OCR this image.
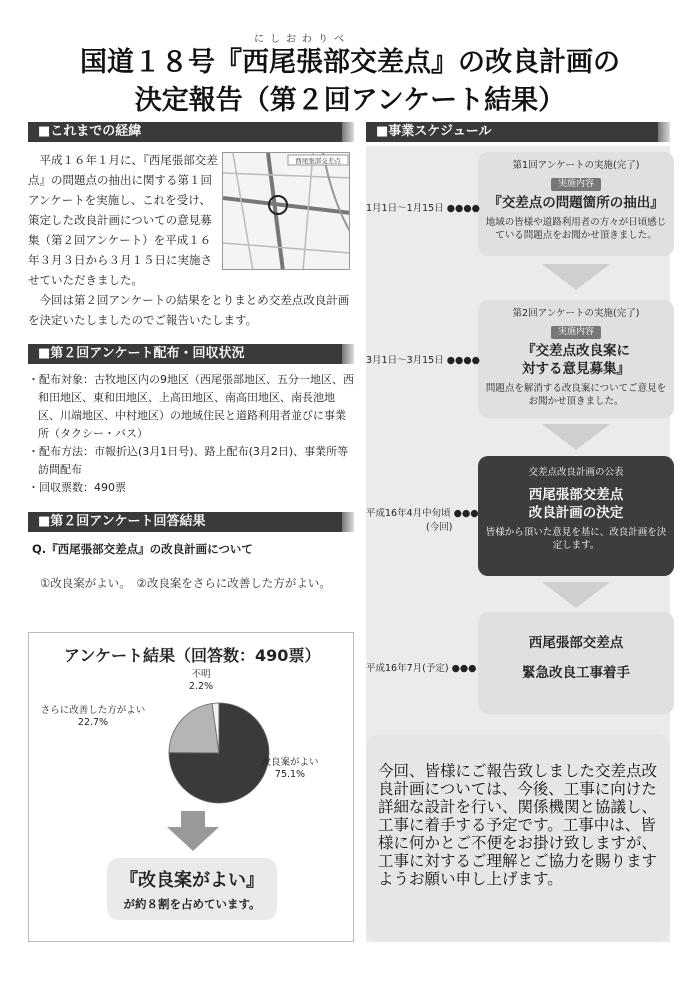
にしおわりべ
国道１８号『西尾張部交差点』の改良計画の
決定報告（第２回アンケート結果）
■これまでの経緯
　平成１６年１月に、『西尾張部交差点』の問題点の抽出に関する第１回アンケートを実施し、これを受け、策定した改良計画についての意見募集（第２回アンケート）を平成１６年３月３日から３月１５日に実施させていただきました。
西尾張部交差点
　今回は第２回アンケートの結果をとりまとめ交差点改良計画を決定いたしましたのでご報告いたします。
■第２回アンケート配布・回収状況
・配布対象：古牧地区内の9地区（西尾張部地区、五分一地区、西和田地区、東和田地区、上高田地区、南高田地区、南長池地区、川端地区、中村地区）の地域住民と道路利用者並びに事業所（タクシー・バス）
・配布方法：市報折込(3月1日号)、路上配布(3月2日)、事業所等訪問配布
・回収票数：490票
■第２回アンケート回答結果
Q.『西尾張部交差点』の改良計画について
①改良案がよい。　②改良案をさらに改善した方がよい。
アンケート結果（回答数：490票）
不明
2.2%
さらに改善した方がよい
22.7%
改良案がよい
75.1%
『改良案がよい』
が約８割を占めています。
■事業スケジュール
第1回アンケートの実施(完了)
実施内容
『交差点の問題箇所の抽出』
地域の皆様や道路利用者の方々が日頃感じている問題点をお聞かせ頂きました。
1月1日～1月15日 ●●●●
第2回アンケートの実施(完了)
実施内容
『交差点改良案に
対する意見募集』
問題点を解消する改良案についてご意見をお聞かせ頂きました。
3月1日～3月15日 ●●●●
交差点改良計画の公表
西尾張部交差点
改良計画の決定
皆様から頂いた意見を基に、改良計画を決定します。
平成16年4月中旬頃 ●●●
(今回)
西尾張部交差点
緊急改良工事着手
平成16年7月(予定) ●●●

今回、皆様にご報告致しました交差点改良計画については、今後、工事に向けた詳細な設計を行い、関係機関と協議し、工事に着手する予定です。工事中は、皆様に何かとご不便をお掛け致しますが、工事に対するご理解とご協力を賜りますようお願い申し上げます。
